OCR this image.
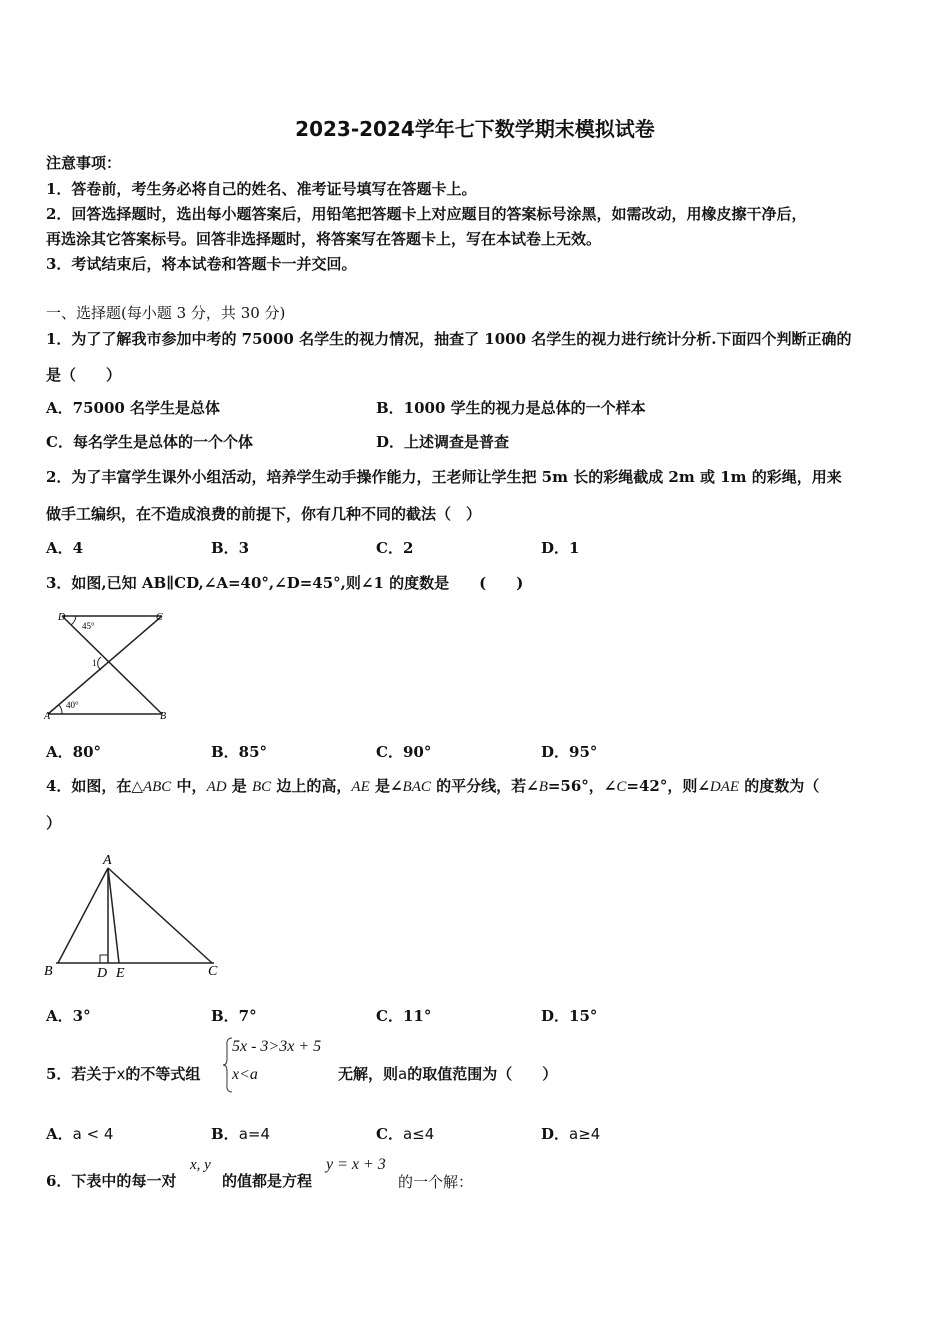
2023-2024学年七下数学期末模拟试卷
注意事项：
1．答卷前，考生务必将自己的姓名、准考证号填写在答题卡上。
2．回答选择题时，选出每小题答案后，用铅笔把答题卡上对应题目的答案标号涂黑，如需改动，用橡皮擦干净后，
再选涂其它答案标号。回答非选择题时，将答案写在答题卡上，写在本试卷上无效。
3．考试结束后，将本试卷和答题卡一并交回。
一、选择题(每小题 3 分，共 30 分)
1．为了了解我市参加中考的 75000 名学生的视力情况，抽查了 1000 名学生的视力进行统计分析.下面四个判断正确的
是（　　）
A．75000 名学生是总体	B．1000 学生的视力是总体的一个样本
C．每名学生是总体的一个个体	D．上述调查是普查
2．为了丰富学生课外小组活动，培养学生动手操作能力，王老师让学生把 5m 长的彩绳截成 2m 或 1m 的彩绳，用来
做手工编织，在不造成浪费的前提下，你有几种不同的截法（　）
A．4	B．3	C．2	D．1
3．如图,已知 AB∥CD,∠A=40°,∠D=45°,则∠1 的度数是　　(　　)
D	C
A	B
45°
40°
1
A．80°	B．85°	C．90°	D．95°
4．如图，在△ABC 中，AD 是 BC 边上的高，AE 是∠BAC 的平分线，若∠B=56°，∠C=42°，则∠DAE 的度数为（
）
A
B	D E	C
A．3°	B．7°	C．11°	D．15°
5．若关于x的不等式组
5x - 3>3x + 5
x<a	无解，则a的取值范围为（　　）
A．a < 4	B．a=4	C．a≤4	D．a≥4
6．下表中的每一对
x, y
的值都是方程
y = x + 3
的一个解：
